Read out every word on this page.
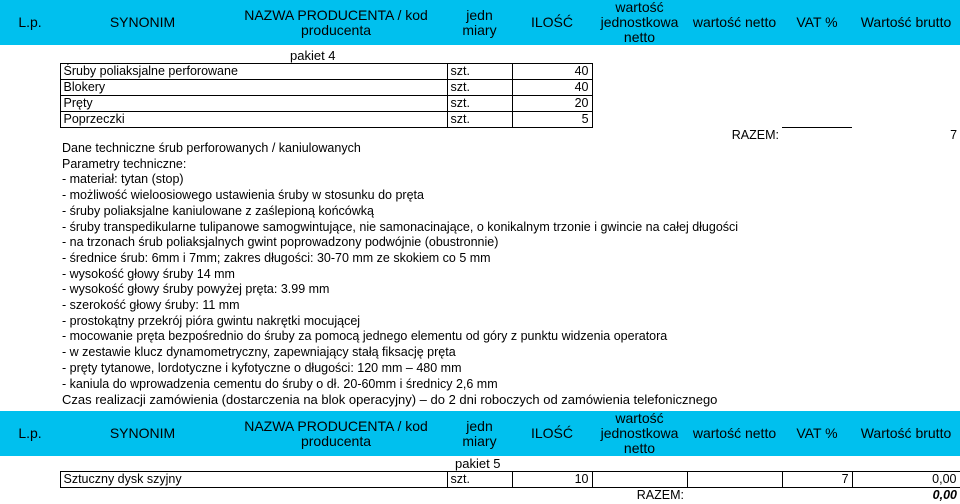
L.p.	SYNONIM	NAZWA PRODUCENTA / kod producenta	jedn miary	ILOŚĆ	wartość jednostkowa netto	wartość netto	VAT %	Wartość brutto
	pakiet 4						
	Śruby poliaksjalne perforowane	szt.	40				
	Blokery	szt.	40				
	Pręty	szt.	20				
	Poprzeczki	szt.	5				
				RAZEM:		7	
Dane techniczne śrub perforowanych / kaniulowanych
Parametry techniczne:
- materiał: tytan (stop)
- możliwość wieloosiowego ustawienia śruby w stosunku do pręta
- śruby poliaksjalne kaniulowane z zaślepioną końcówką
- śruby transpedikularne tulipanowe samogwintujące, nie samonacinające, o konikalnym trzonie i gwincie na całej długości
- na trzonach śrub poliaksjalnych gwint poprowadzony podwójnie (obustronnie)
- średnice śrub: 6mm i 7mm; zakres długości: 30-70 mm ze skokiem co 5 mm
- wysokość głowy śruby 14 mm
- wysokość głowy śruby powyżej pręta: 3.99 mm
- szerokość głowy śruby: 11 mm
- prostokątny przekrój pióra gwintu nakrętki mocującej
- mocowanie pręta bezpośrednio do śruby za pomocą jednego elementu od góry z punktu widzenia operatora
- w zestawie klucz dynamometryczny, zapewniający stałą fiksację pręta
- pręty tytanowe, lordotyczne i kyfotyczne o długości: 120 mm – 480 mm
- kaniula do wprowadzenia cementu do śruby o dł. 20-60mm i średnicy 2,6 mm
Czas realizacji zamówienia (dostarczenia na blok operacyjny) – do 2 dni roboczych od zamówienia telefonicznego
L.p.	SYNONIM	NAZWA PRODUCENTA / kod producenta	jedn miary	ILOŚĆ	wartość jednostkowa netto	wartość netto	VAT %	Wartość brutto
	pakiet 5						
	Sztuczny dysk szyjny	szt.	10			7	0,00
			RAZEM:				0,00
